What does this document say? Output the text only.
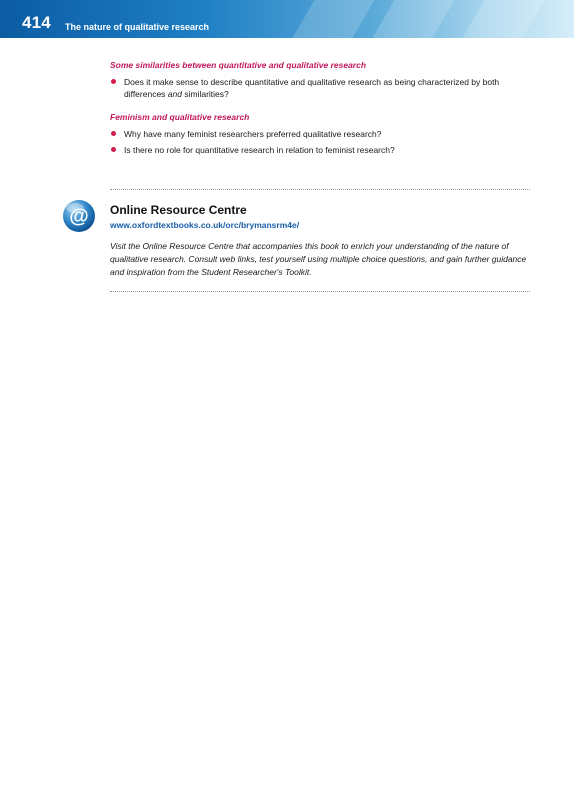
414 The nature of qualitative research
Some similarities between quantitative and qualitative research
Does it make sense to describe quantitative and qualitative research as being characterized by both differences and similarities?
Feminism and qualitative research
Why have many feminist researchers preferred qualitative research?
Is there no role for quantitative research in relation to feminist research?
@ Online Resource Centre
www.oxfordtextbooks.co.uk/orc/brymansrm4e/

Visit the Online Resource Centre that accompanies this book to enrich your understanding of the nature of qualitative research. Consult web links, test yourself using multiple choice questions, and gain further guidance and inspiration from the Student Researcher's Toolkit.
